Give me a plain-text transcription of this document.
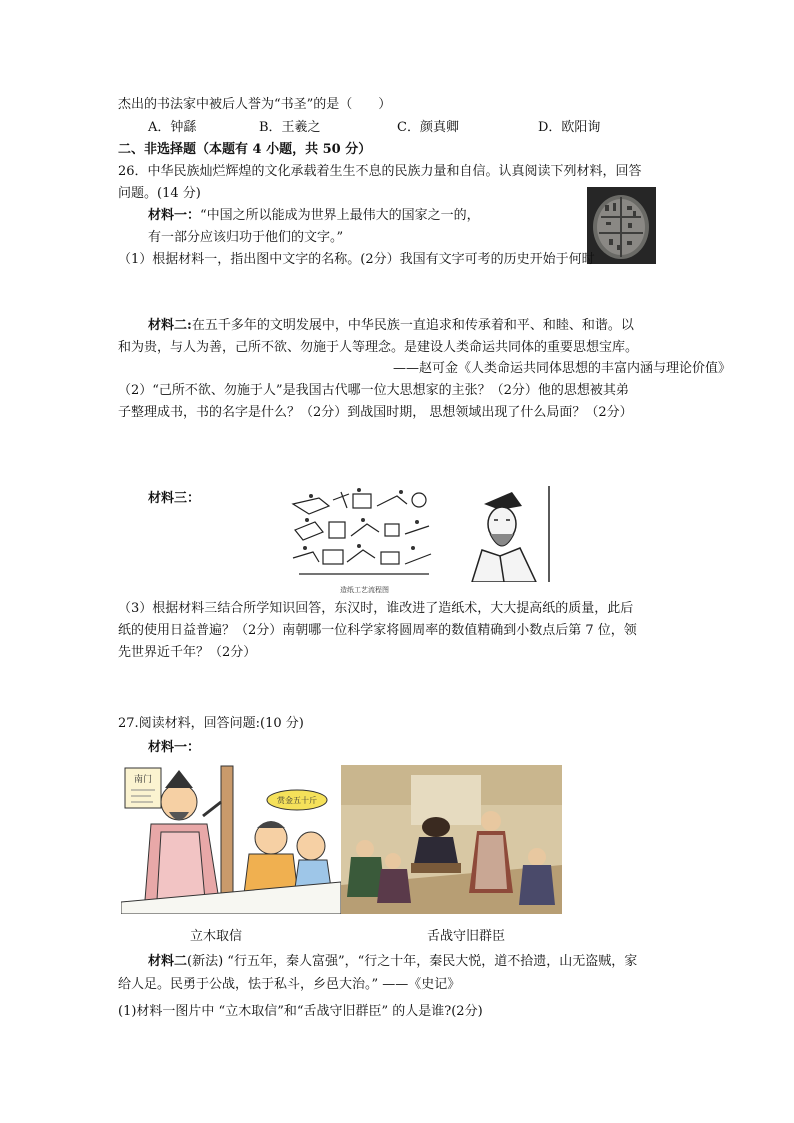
杰出的书法家中被后人誉为“书圣”的是（　　）
A．钟繇	B．王羲之	C．颜真卿	D．欧阳询
二、非选择题（本题有 4 小题，共 50 分）
26．中华民族灿烂辉煌的文化承载着生生不息的民族力量和自信。认真阅读下列材料，回答
问题。(14 分)
材料一：“中国之所以能成为世界上最伟大的国家之一的，
有一部分应该归功于他们的文字。”
（1）根据材料一，指出图中文字的名称。(2分）我国有文字可考的历史开始于何时
材料二:在五千多年的文明发展中，中华民族一直追求和传承着和平、和睦、和谐。以
和为贵，与人为善，己所不欲、勿施于人等理念。是建设人类命运共同体的重要思想宝库。
——赵可金《人类命运共同体思想的丰富内涵与理论价值》
（2）“己所不欲、勿施于人”是我国古代哪一位大思想家的主张？（2分）他的思想被其弟
子整理成书，书的名字是什么？（2分）到战国时期， 思想领域出现了什么局面？（2分）
材料三：
造纸工艺流程图
（3）根据材料三结合所学知识回答，东汉时，谁改进了造纸术，大大提高纸的质量，此后
纸的使用日益普遍？（2分）南朝哪一位科学家将圆周率的数值精确到小数点后第 7 位，领
先世界近千年？（2分）
27.阅读材料，回答问题:(10 分)
材料一：
南门
赏金五十斤
立木取信	舌战守旧群臣
材料二(新法) “行五年，秦人富强”，“行之十年，秦民大悦，道不拾遗，山无盗贼，家
给人足。民勇于公战，怯于私斗，乡邑大治。” ——《史记》
(1)材料一图片中 “立木取信”和“舌战守旧群臣” 的人是谁?(2分)
